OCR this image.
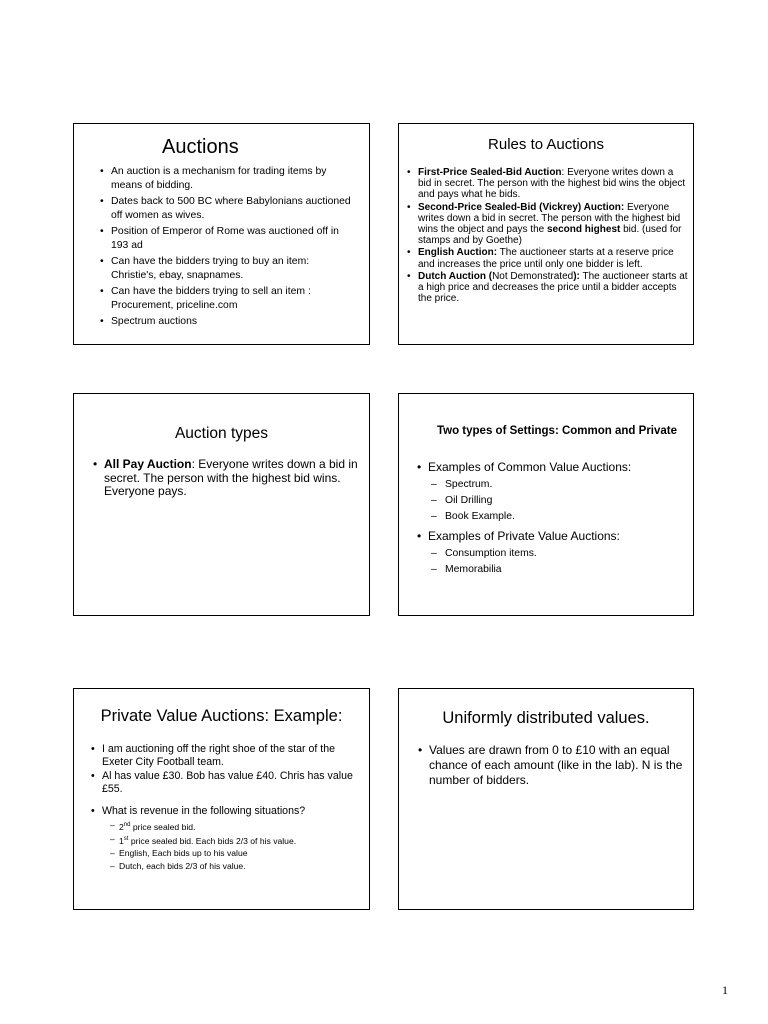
Auctions
• An auction is a mechanism for trading items by means of bidding.
• Dates back to 500 BC where Babylonians auctioned off women as wives.
• Position of Emperor of Rome was auctioned off in 193 ad
• Can have the bidders trying to buy an item: Christie's, ebay, snapnames.
• Can have the bidders trying to sell an item : Procurement, priceline.com
• Spectrum auctions
Rules to Auctions
• First-Price Sealed-Bid Auction: Everyone writes down a bid in secret. The person with the highest bid wins the object and pays what he bids.
• Second-Price Sealed-Bid (Vickrey) Auction: Everyone writes down a bid in secret. The person with the highest bid wins the object and pays the second highest bid. (used for stamps and by Goethe)
• English Auction: The auctioneer starts at a reserve price and increases the price until only one bidder is left.
• Dutch Auction (Not Demonstrated): The auctioneer starts at a high price and decreases the price until a bidder accepts the price.
Auction types
• All Pay Auction: Everyone writes down a bid in secret. The person with the highest bid wins. Everyone pays.
Two types of Settings: Common and Private
• Examples of Common Value Auctions:
– Spectrum.
– Oil Drilling
– Book Example.
• Examples of Private Value Auctions:
– Consumption items.
– Memorabilia
Private Value Auctions: Example:
• I am auctioning off the right shoe of the star of the Exeter City Football team.
• Al has value £30. Bob has value £40. Chris has value £55.
• What is revenue in the following situations?
– 2nd price sealed bid.
– 1st price sealed bid. Each bids 2/3 of his value.
– English, Each bids up to his value
– Dutch, each bids 2/3 of his value.
Uniformly distributed values.
• Values are drawn from 0 to £10 with an equal chance of each amount (like in the lab). N is the number of bidders.
1
